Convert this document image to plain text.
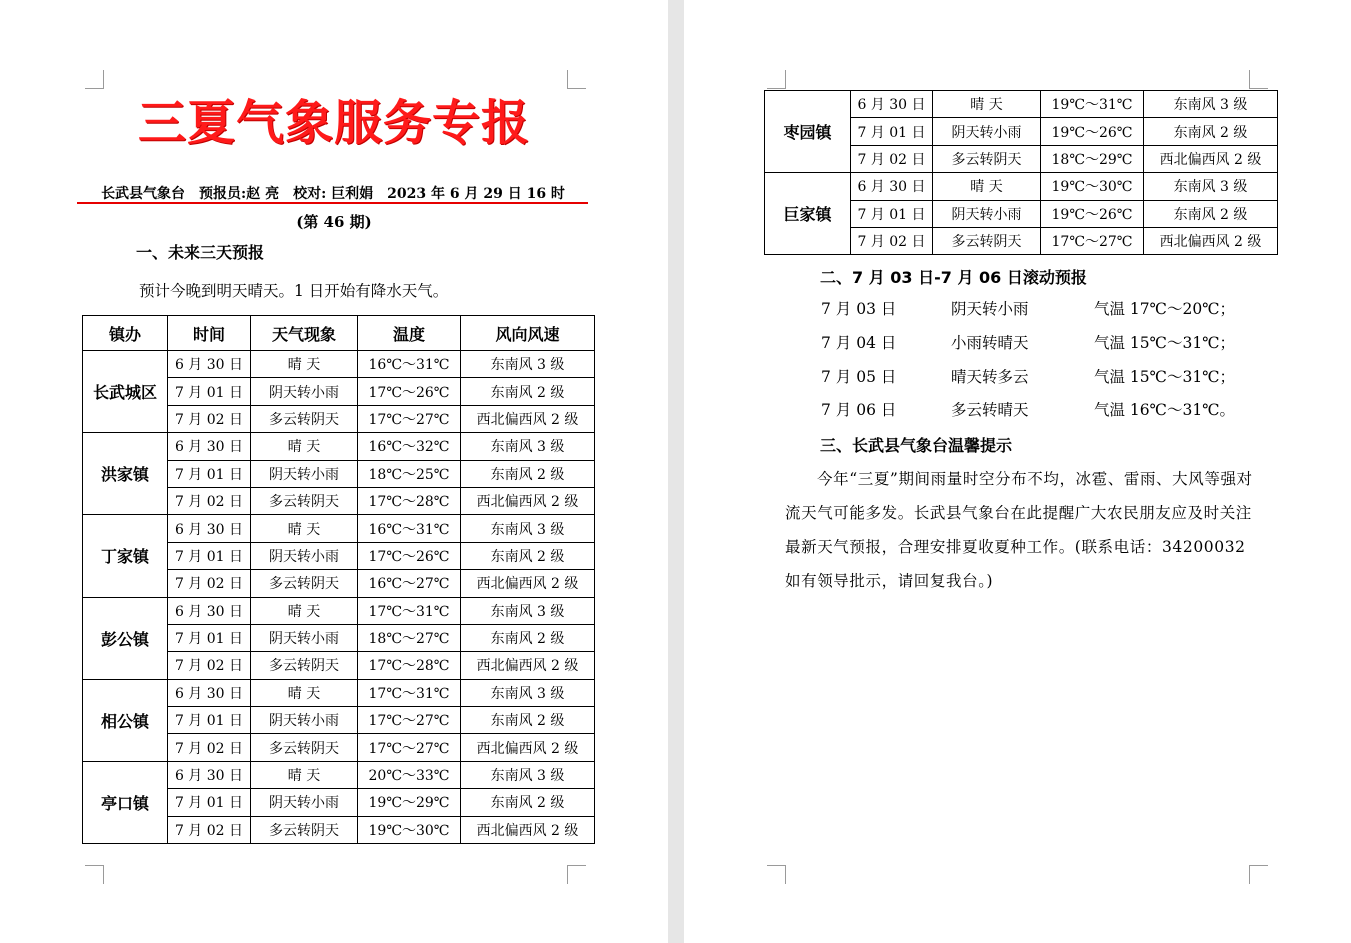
三夏气象服务专报
长武县气象台　预报员:赵 亮　校对: 巨利娟　2023 年 6 月 29 日 16 时
(第 46 期)
一、未来三天预报
预计今晚到明天晴天。1 日开始有降水天气。
镇办	时间	天气现象	温度	风向风速
长武城区	6 月 30 日	晴 天	16℃～31℃	东南风 3 级
	7 月 01 日	阴天转小雨	17℃～26℃	东南风 2 级
	7 月 02 日	多云转阴天	17℃～27℃	西北偏西风 2 级
洪家镇	6 月 30 日	晴 天	16℃～32℃	东南风 3 级
	7 月 01 日	阴天转小雨	18℃～25℃	东南风 2 级
	7 月 02 日	多云转阴天	17℃～28℃	西北偏西风 2 级
丁家镇	6 月 30 日	晴 天	16℃～31℃	东南风 3 级
	7 月 01 日	阴天转小雨	17℃～26℃	东南风 2 级
	7 月 02 日	多云转阴天	16℃～27℃	西北偏西风 2 级
彭公镇	6 月 30 日	晴 天	17℃～31℃	东南风 3 级
	7 月 01 日	阴天转小雨	18℃～27℃	东南风 2 级
	7 月 02 日	多云转阴天	17℃～28℃	西北偏西风 2 级
相公镇	6 月 30 日	晴 天	17℃～31℃	东南风 3 级
	7 月 01 日	阴天转小雨	17℃～27℃	东南风 2 级
	7 月 02 日	多云转阴天	17℃～27℃	西北偏西风 2 级
亭口镇	6 月 30 日	晴 天	20℃～33℃	东南风 3 级
	7 月 01 日	阴天转小雨	19℃～29℃	东南风 2 级
	7 月 02 日	多云转阴天	19℃～30℃	西北偏西风 2 级
枣园镇	6 月 30 日	晴 天	19℃～31℃	东南风 3 级
	7 月 01 日	阴天转小雨	19℃～26℃	东南风 2 级
	7 月 02 日	多云转阴天	18℃～29℃	西北偏西风 2 级
巨家镇	6 月 30 日	晴 天	19℃～30℃	东南风 3 级
	7 月 01 日	阴天转小雨	19℃～26℃	东南风 2 级
	7 月 02 日	多云转阴天	17℃～27℃	西北偏西风 2 级
二、7 月 03 日-7 月 06 日滚动预报
7 月 03 日	阴天转小雨	气温 17℃～20℃；
7 月 04 日	小雨转晴天	气温 15℃～31℃；
7 月 05 日	晴天转多云	气温 15℃～31℃；
7 月 06 日	多云转晴天	气温 16℃～31℃。
三、长武县气象台温馨提示
今年“三夏”期间雨量时空分布不均，冰雹、雷雨、大风等强对流天气可能多发。长武县气象台在此提醒广大农民朋友应及时关注最新天气预报，合理安排夏收夏种工作。(联系电话：34200032 如有领导批示，请回复我台。)
